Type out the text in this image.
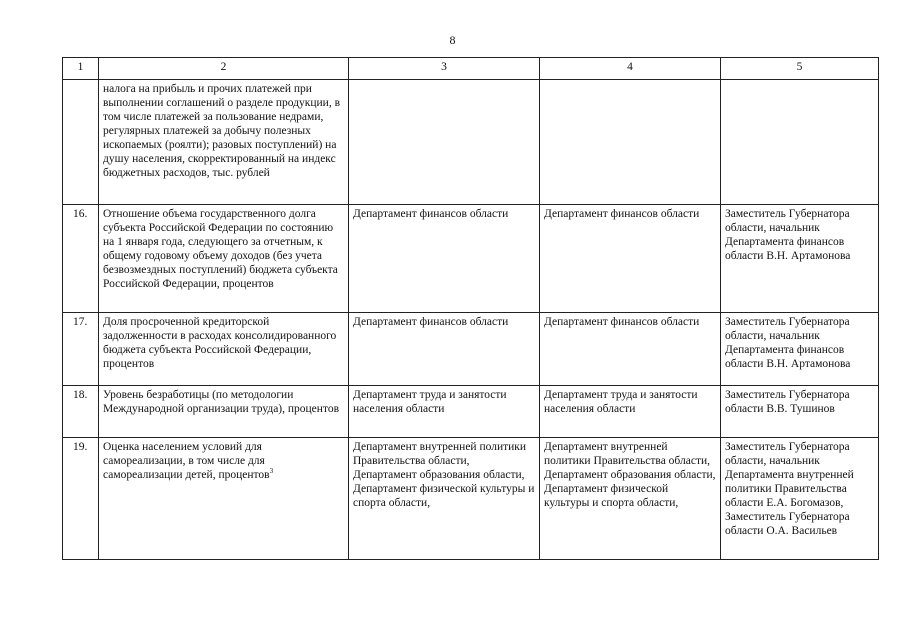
8
1	2	3	4	5
	налога на прибыль и прочих платежей при выполнении соглашений о разделе продукции, в том числе платежей за пользование недрами, регулярных платежей за добычу полезных ископаемых (роялти); разовых поступлений) на душу населения, скорректированный на индекс бюджетных расходов, тыс. рублей			
16.	Отношение объема государственного долга субъекта Российской Федерации по состоянию на 1 января года, следующего за отчетным, к общему годовому объему доходов (без учета безвозмездных поступлений) бюджета субъекта Российской Федерации, процентов	Департамент финансов области	Департамент финансов области	Заместитель Губернатора области, начальник Департамента финансов области В.Н. Артамонова
17.	Доля просроченной кредиторской задолженности в расходах консолидированного бюджета субъекта Российской Федерации, процентов	Департамент финансов области	Департамент финансов области	Заместитель Губернатора области, начальник Департамента финансов области В.Н. Артамонова
18.	Уровень безработицы (по методологии Международной организации труда), процентов	Департамент труда и занятости населения области	Департамент труда и занятости населения области	Заместитель Губернатора области В.В. Тушинов
19.	Оценка населением условий для самореализации, в том числе для самореализации детей, процентов$^3$	Департамент внутренней политики Правительства области,
Департамент образования области,
Департамент физической культуры и спорта области,	Департамент внутренней политики Правительства области,
Департамент образования области,
Департамент физической культуры и спорта области,	Заместитель Губернатора области, начальник Департамента внутренней политики Правительства области Е.А. Богомазов,
Заместитель Губернатора области О.А. Васильев
